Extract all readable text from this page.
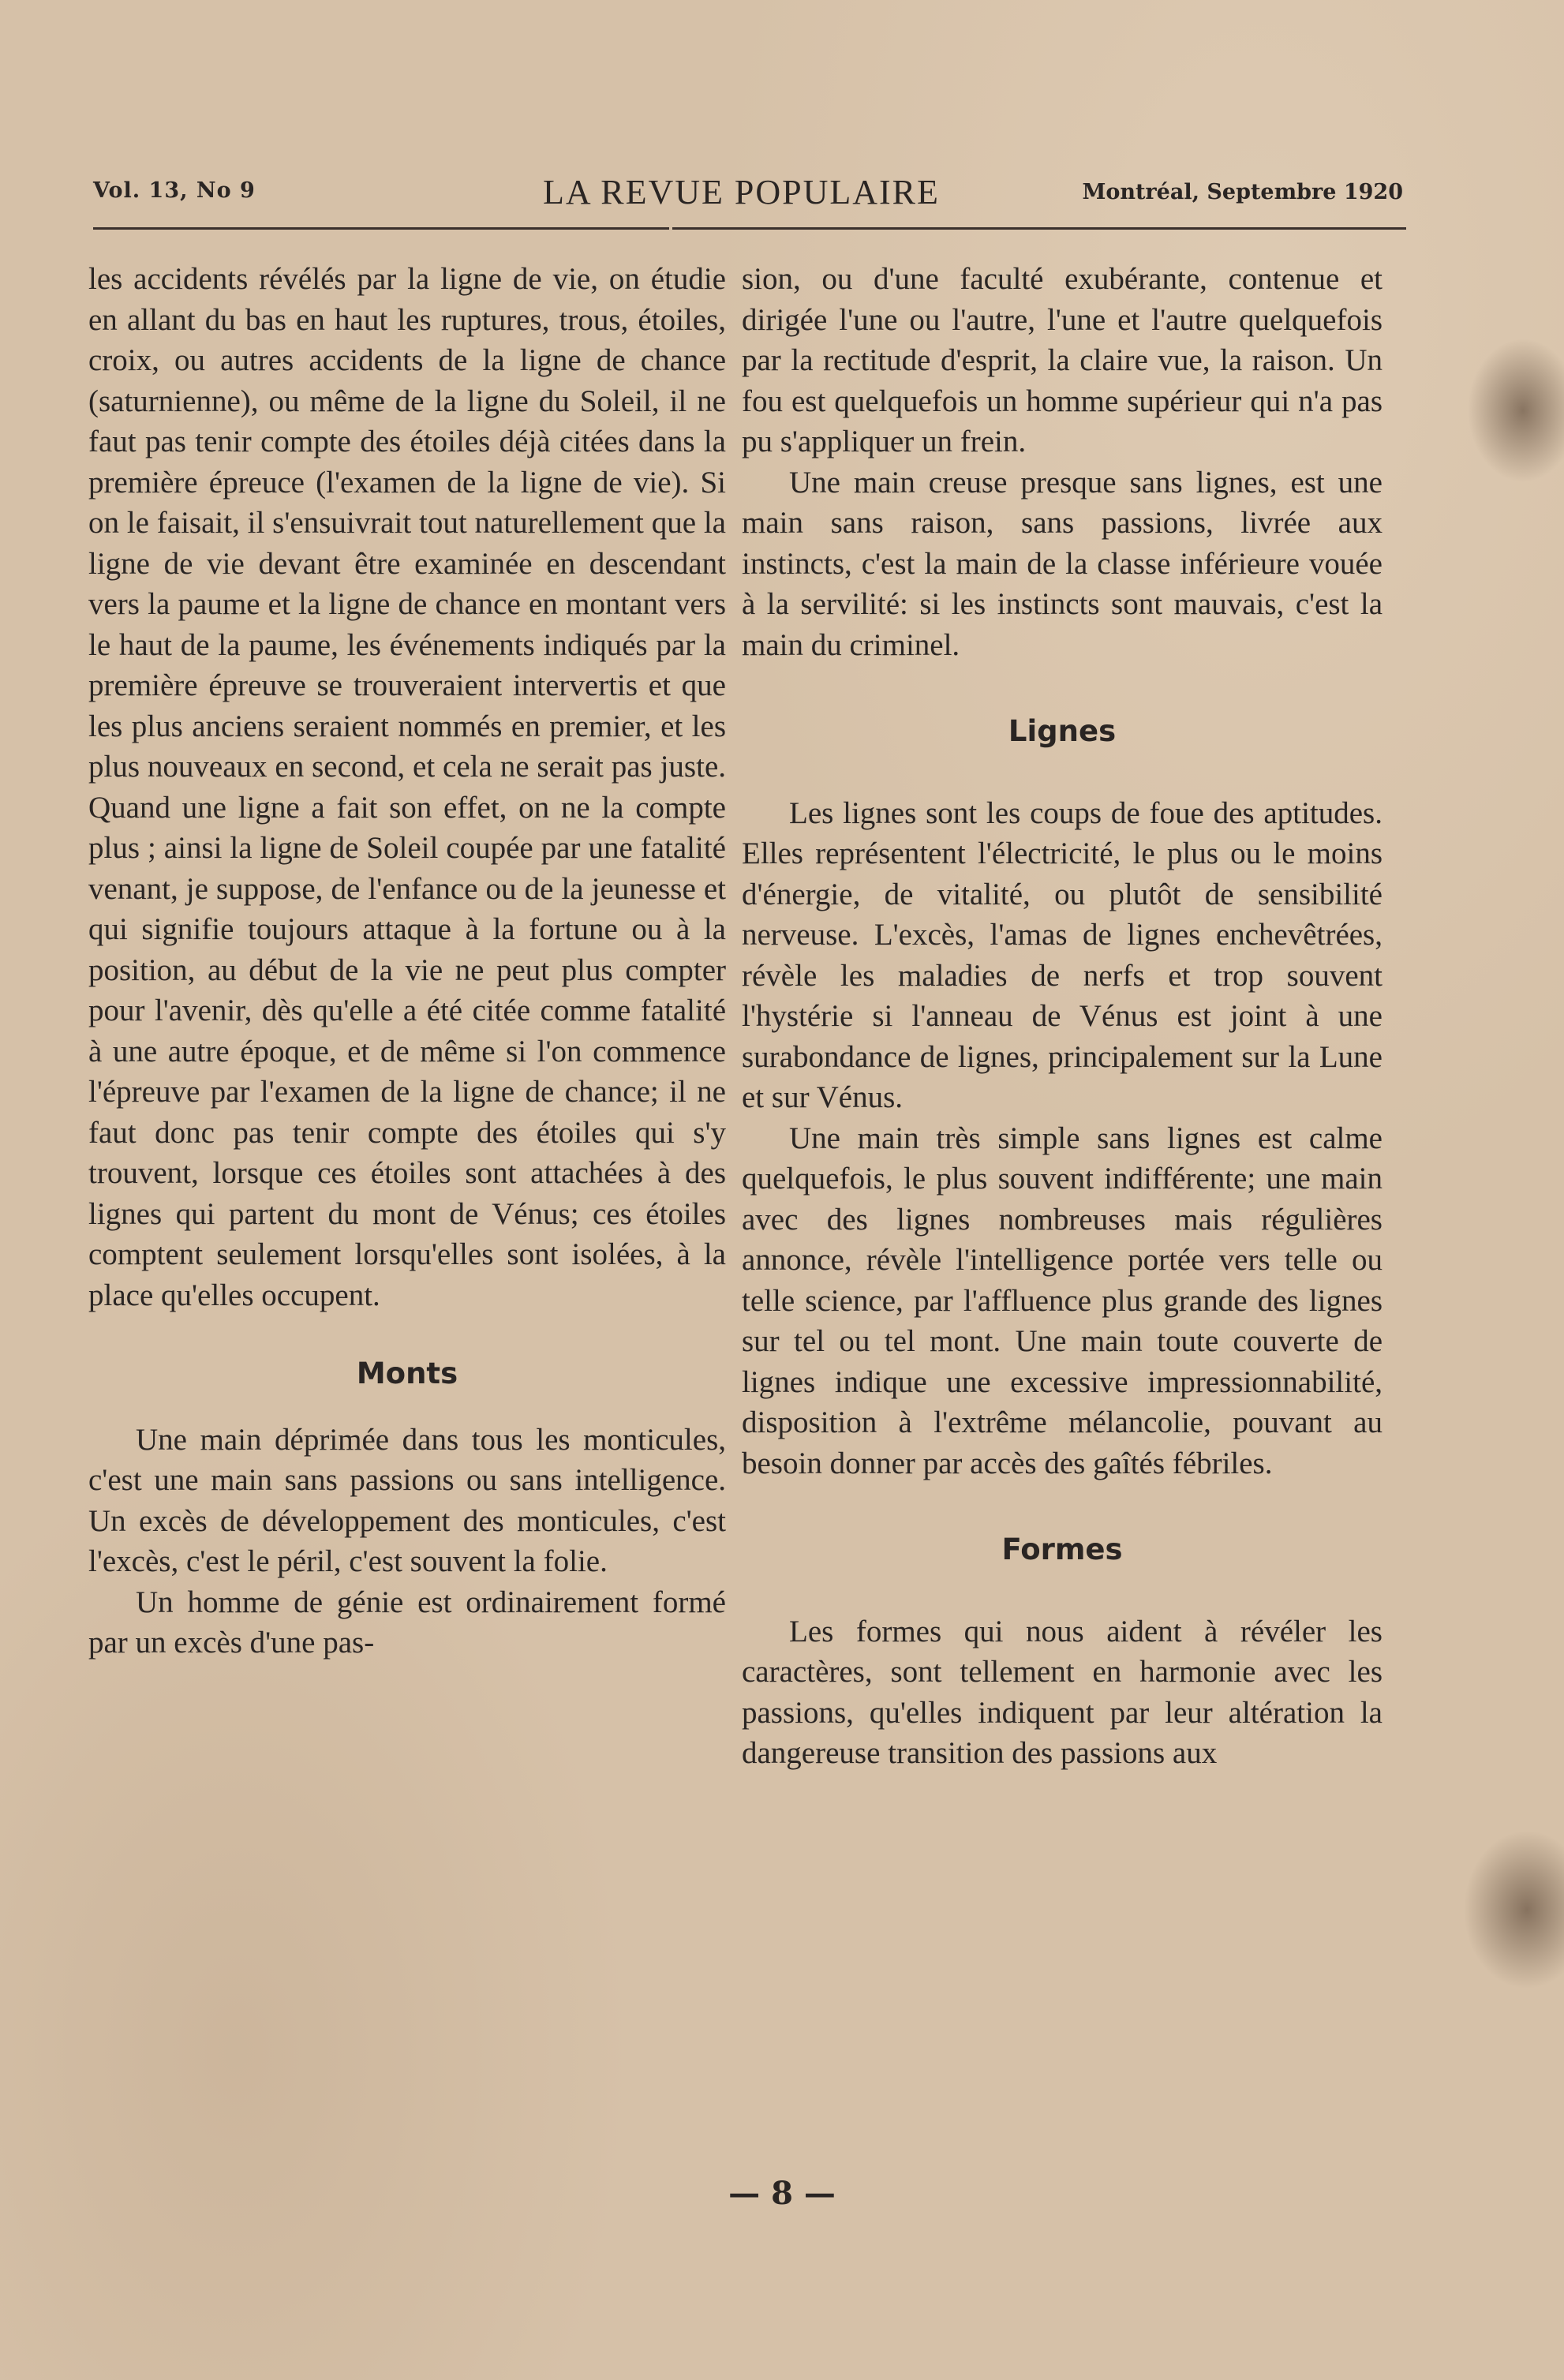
Vol. 13, No 9	LA REVUE POPULAIRE	Montréal, Septembre 1920

les accidents révélés par la ligne de vie, on étudie en allant du bas en haut les ruptures, trous, étoiles, croix, ou autres accidents de la ligne de chance (saturnienne), ou même de la ligne du Soleil, il ne faut pas tenir compte des étoiles déjà citées dans la première épreuce (l'examen de la ligne de vie). Si on le faisait, il s'ensuivrait tout naturellement que la ligne de vie devant être examinée en descendant vers la paume et la ligne de chance en montant vers le haut de la paume, les événements indiqués par la première épreuve se trouveraient intervertis et que les plus anciens seraient nommés en premier, et les plus nouveaux en second, et cela ne serait pas juste. Quand une ligne a fait son effet, on ne la compte plus ; ainsi la ligne de Soleil coupée par une fatalité venant, je suppose, de l'enfance ou de la jeunesse et qui signifie toujours attaque à la fortune ou à la position, au début de la vie ne peut plus compter pour l'avenir, dès qu'elle a été citée comme fatalité à une autre époque, et de même si l'on commence l'épreuve par l'examen de la ligne de chance; il ne faut donc pas tenir compte des étoiles qui s'y trouvent, lorsque ces étoiles sont attachées à des lignes qui partent du mont de Vénus; ces étoiles comptent seulement lorsqu'elles sont isolées, à la place qu'elles occupent.

Monts

Une main déprimée dans tous les monticules, c'est une main sans passions ou sans intelligence. Un excès de développement des monticules, c'est l'excès, c'est le péril, c'est souvent la folie.

Un homme de génie est ordinairement formé par un excès d'une pas-

sion, ou d'une faculté exubérante, contenue et dirigée l'une ou l'autre, l'une et l'autre quelquefois par la rectitude d'esprit, la claire vue, la raison. Un fou est quelquefois un homme supérieur qui n'a pas pu s'appliquer un frein.

Une main creuse presque sans lignes, est une main sans raison, sans passions, livrée aux instincts, c'est la main de la classe inférieure vouée à la servilité: si les instincts sont mauvais, c'est la main du criminel.

Lignes

Les lignes sont les coups de foue des aptitudes. Elles représentent l'électricité, le plus ou le moins d'énergie, de vitalité, ou plutôt de sensibilité nerveuse. L'excès, l'amas de lignes enchevêtrées, révèle les maladies de nerfs et trop souvent l'hystérie si l'anneau de Vénus est joint à une surabondance de lignes, principalement sur la Lune et sur Vénus.

Une main très simple sans lignes est calme quelquefois, le plus souvent indifférente; une main avec des lignes nombreuses mais régulières annonce, révèle l'intelligence portée vers telle ou telle science, par l'affluence plus grande des lignes sur tel ou tel mont. Une main toute couverte de lignes indique une excessive impressionnabilité, disposition à l'extrême mélancolie, pouvant au besoin donner par accès des gaîtés fébriles.

Formes

Les formes qui nous aident à révéler les caractères, sont tellement en harmonie avec les passions, qu'elles indiquent par leur altération la dangereuse transition des passions aux

— 8 —
